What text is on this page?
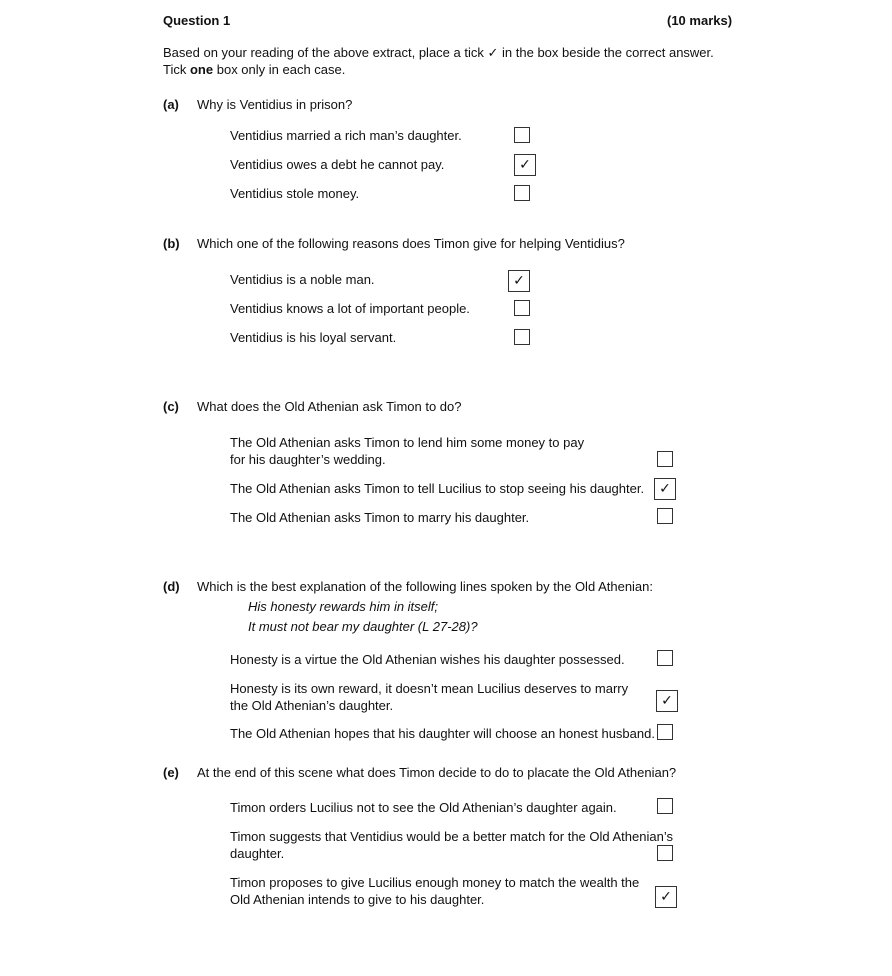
Question 1	(10 marks)
Based on your reading of the above extract, place a tick ✓ in the box beside the correct answer.
Tick one box only in each case.
(a) Why is Ventidius in prison?
Ventidius married a rich man’s daughter.
Ventidius owes a debt he cannot pay.	✓
Ventidius stole money.
(b) Which one of the following reasons does Timon give for helping Ventidius?
Ventidius is a noble man.	✓
Ventidius knows a lot of important people.
Ventidius is his loyal servant.
(c) What does the Old Athenian ask Timon to do?
The Old Athenian asks Timon to lend him some money to pay
for his daughter’s wedding.
The Old Athenian asks Timon to tell Lucilius to stop seeing his daughter. ✓
The Old Athenian asks Timon to marry his daughter.
(d) Which is the best explanation of the following lines spoken by the Old Athenian:
His honesty rewards him in itself;
It must not bear my daughter (L 27-28)?
Honesty is a virtue the Old Athenian wishes his daughter possessed.
Honesty is its own reward, it doesn’t mean Lucilius deserves to marry
the Old Athenian’s daughter.	✓
The Old Athenian hopes that his daughter will choose an honest husband.
(e) At the end of this scene what does Timon decide to do to placate the Old Athenian?
Timon orders Lucilius not to see the Old Athenian’s daughter again.
Timon suggests that Ventidius would be a better match for the Old Athenian’s
daughter.
Timon proposes to give Lucilius enough money to match the wealth the
Old Athenian intends to give to his daughter.	✓
